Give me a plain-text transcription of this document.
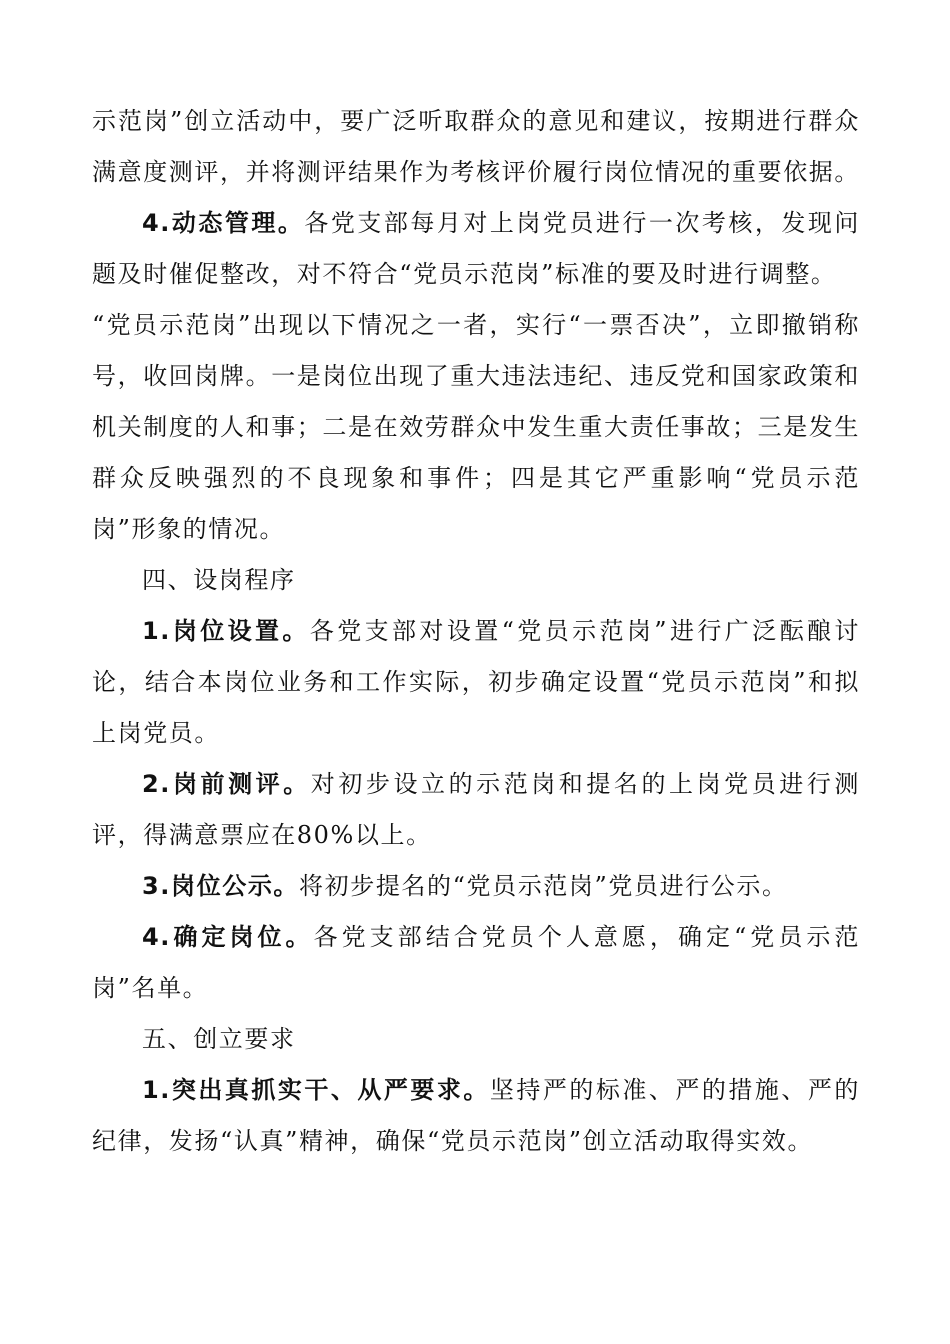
示范岗”创立活动中，要广泛听取群众的意见和建议，按期进行群众满意度测评，并将测评结果作为考核评价履行岗位情况的重要依据。

4.动态管理。各党支部每月对上岗党员进行一次考核，发现问题及时催促整改，对不符合“党员示范岗”标准的要及时进行调整。

“党员示范岗”出现以下情况之一者，实行“一票否决”，立即撤销称号，收回岗牌。一是岗位出现了重大违法违纪、违反党和国家政策和机关制度的人和事；二是在效劳群众中发生重大责任事故；三是发生群众反映强烈的不良现象和事件；四是其它严重影响“党员示范岗”形象的情况。

四、设岗程序

1.岗位设置。各党支部对设置“党员示范岗”进行广泛酝酿讨论，结合本岗位业务和工作实际，初步确定设置“党员示范岗”和拟上岗党员。

2.岗前测评。对初步设立的示范岗和提名的上岗党员进行测评，得满意票应在80%以上。

3.岗位公示。将初步提名的“党员示范岗”党员进行公示。

4.确定岗位。各党支部结合党员个人意愿，确定“党员示范岗”名单。

五、创立要求

1.突出真抓实干、从严要求。坚持严的标准、严的措施、严的纪律，发扬“认真”精神，确保“党员示范岗”创立活动取得实效。
